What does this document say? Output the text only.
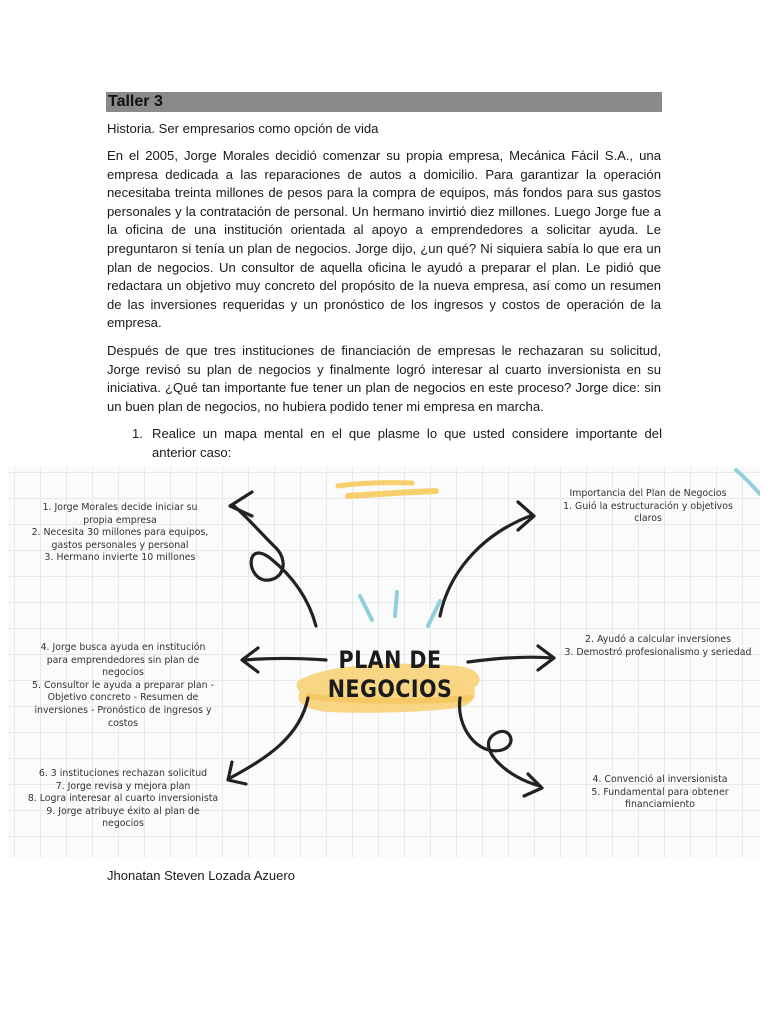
Taller 3

Historia. Ser empresarios como opción de vida

En el 2005, Jorge Morales decidió comenzar su propia empresa, Mecánica Fácil S.A., una empresa dedicada a las reparaciones de autos a domicilio. Para garantizar la operación necesitaba treinta millones de pesos para la compra de equipos, más fondos para sus gastos personales y la contratación de personal. Un hermano invirtió diez millones. Luego Jorge fue a la oficina de una institución orientada al apoyo a emprendedores a solicitar ayuda. Le preguntaron si tenía un plan de negocios. Jorge dijo, ¿un qué? Ni siquiera sabía lo que era un plan de negocios. Un consultor de aquella oficina le ayudó a preparar el plan. Le pidió que redactara un objetivo muy concreto del propósito de la nueva empresa, así como un resumen de las inversiones requeridas y un pronóstico de los ingresos y costos de operación de la empresa.

Después de que tres instituciones de financiación de empresas le rechazaran su solicitud, Jorge revisó su plan de negocios y finalmente logró interesar al cuarto inversionista en su iniciativa. ¿Qué tan importante fue tener un plan de negocios en este proceso? Jorge dice: sin un buen plan de negocios, no hubiera podido tener mi empresa en marcha.

1. Realice un mapa mental en el que plasme lo que usted considere importante del anterior caso:
PLAN DE
NEGOCIOS
1. Jorge Morales decide iniciar su
propia empresa
2. Necesita 30 millones para equipos,
gastos personales y personal
3. Hermano invierte 10 millones
4. Jorge busca ayuda en institución
para emprendedores sin plan de
negocios
5. Consultor le ayuda a preparar plan -
Objetivo concreto - Resumen de
inversiones - Pronóstico de ingresos y
costos
6. 3 instituciones rechazan solicitud
7. Jorge revisa y mejora plan
8. Logra interesar al cuarto inversionista
9. Jorge atribuye éxito al plan de
negocios
Importancia del Plan de Negocios
1. Guió la estructuración y objetivos
claros
2. Ayudó a calcular inversiones
3. Demostró profesionalismo y seriedad
4. Convenció al inversionista
5. Fundamental para obtener
financiamiento
Jhonatan Steven Lozada Azuero
